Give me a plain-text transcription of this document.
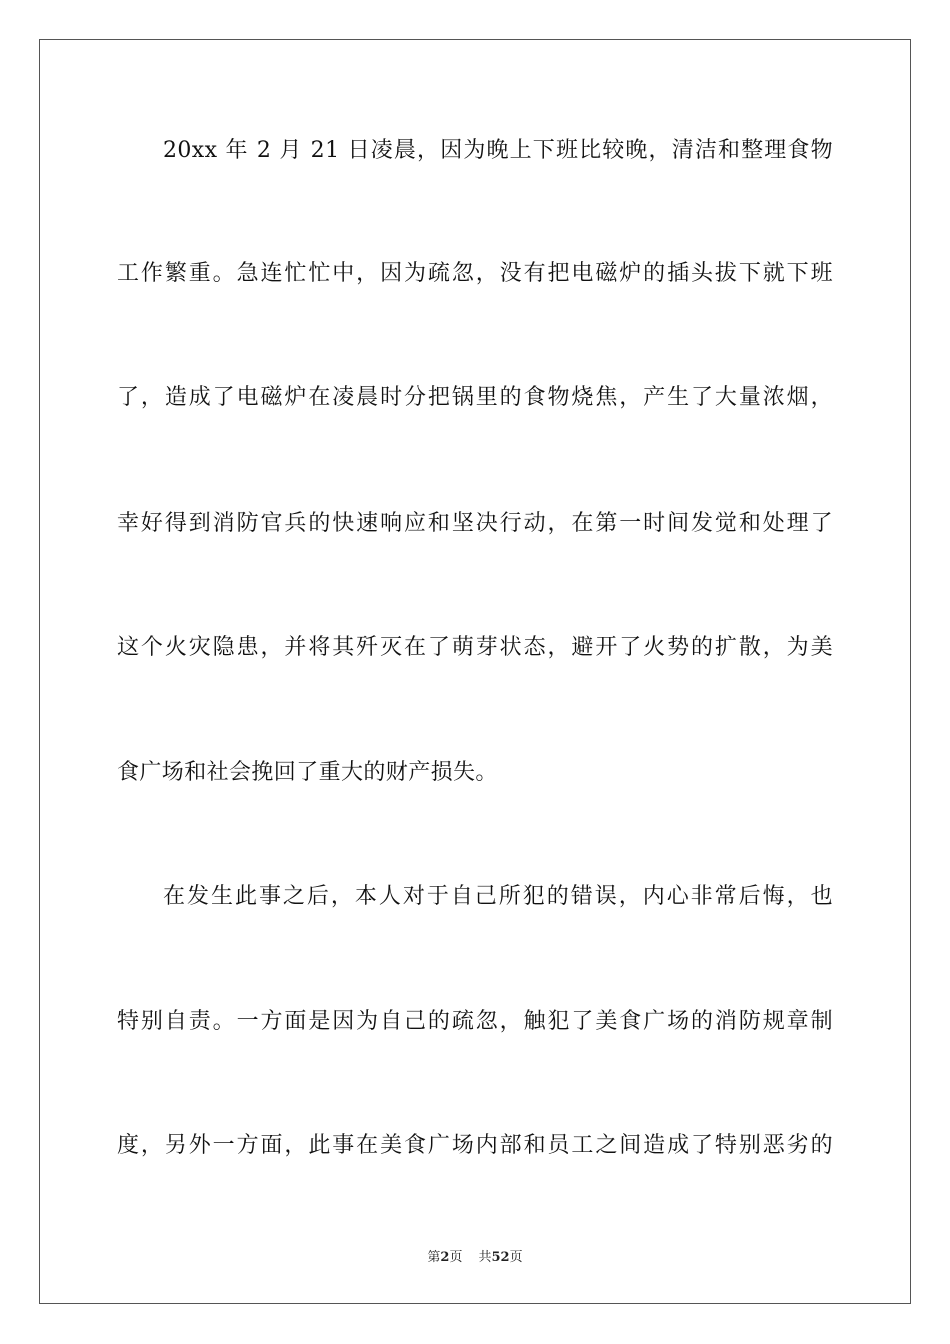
20xx 年 2 月 21 日凌晨，因为晚上下班比较晚，清洁和整理食物
工作繁重。急连忙忙中，因为疏忽，没有把电磁炉的插头拔下就下班
了，造成了电磁炉在凌晨时分把锅里的食物烧焦，产生了大量浓烟，
幸好得到消防官兵的快速响应和坚决行动，在第一时间发觉和处理了
这个火灾隐患，并将其歼灭在了萌芽状态，避开了火势的扩散，为美
食广场和社会挽回了重大的财产损失。
在发生此事之后，本人对于自己所犯的错误，内心非常后悔，也
特别自责。一方面是因为自己的疏忽，触犯了美食广场的消防规章制
度，另外一方面，此事在美食广场内部和员工之间造成了特别恶劣的
第2页 共52页
